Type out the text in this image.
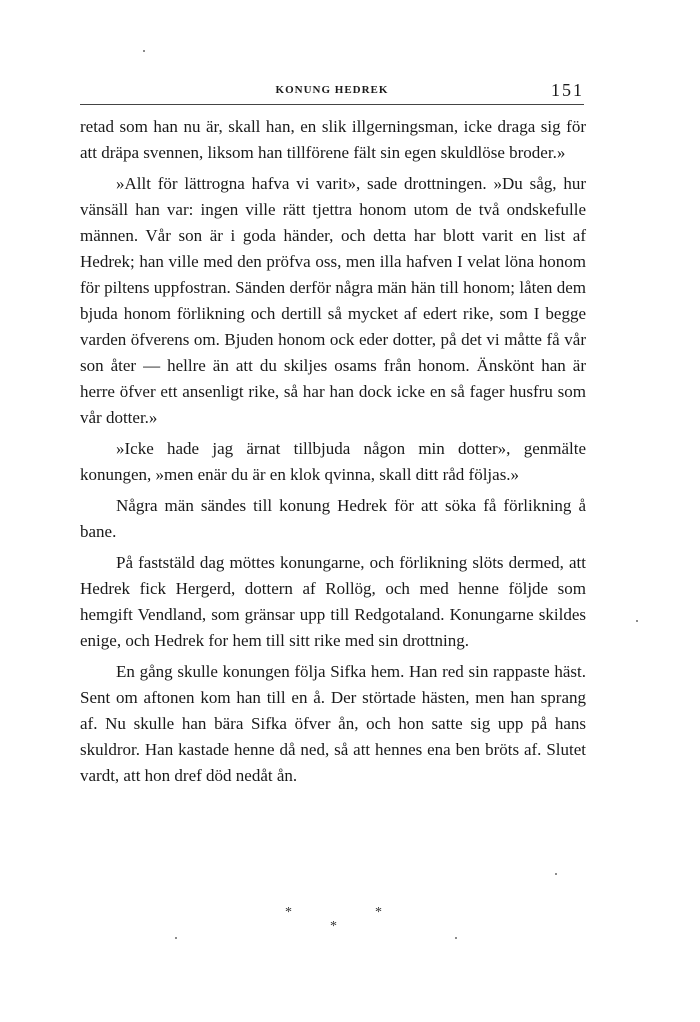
KONUNG HEDREK	151

retad som han nu är, skall han, en slik illgerningsman, icke draga sig för att dräpa svennen, liksom han tillförene fält sin egen skuldlöse broder.»

»Allt för lättrogna hafva vi varit», sade drottningen. »Du såg, hur vänsäll han var: ingen ville rätt tjettra honom utom de två ondskefulle männen. Vår son är i goda händer, och detta har blott varit en list af Hedrek; han ville med den pröfva oss, men illa hafven I velat löna honom för piltens uppfostran. Sänden derför några män hän till honom; låten dem bjuda honom förlikning och dertill så mycket af edert rike, som I begge varden öfverens om. Bjuden honom ock eder dotter, på det vi måtte få vår son åter — hellre än att du skiljes osams från honom. Änskönt han är herre öfver ett ansenligt rike, så har han dock icke en så fager husfru som vår dotter.»

»Icke hade jag ärnat tillbjuda någon min dotter», genmälte konungen, »men enär du är en klok qvinna, skall ditt råd följas.»

Några män sändes till konung Hedrek för att söka få förlikning å bane.

På faststäld dag möttes konungarne, och förlikning slöts dermed, att Hedrek fick Hergerd, dottern af Rollög, och med henne följde som hemgift Vendland, som gränsar upp till Redgotaland. Konungarne skildes enige, och Hedrek for hem till sitt rike med sin drottning.

En gång skulle konungen följa Sifka hem. Han red sin rappaste häst. Sent om aftonen kom han till en å. Der störtade hästen, men han sprang af. Nu skulle han bära Sifka öfver ån, och hon satte sig upp på hans skuldror. Han kastade henne då ned, så att hennes ena ben bröts af. Slutet vardt, att hon dref död nedåt ån.

*	*
*
